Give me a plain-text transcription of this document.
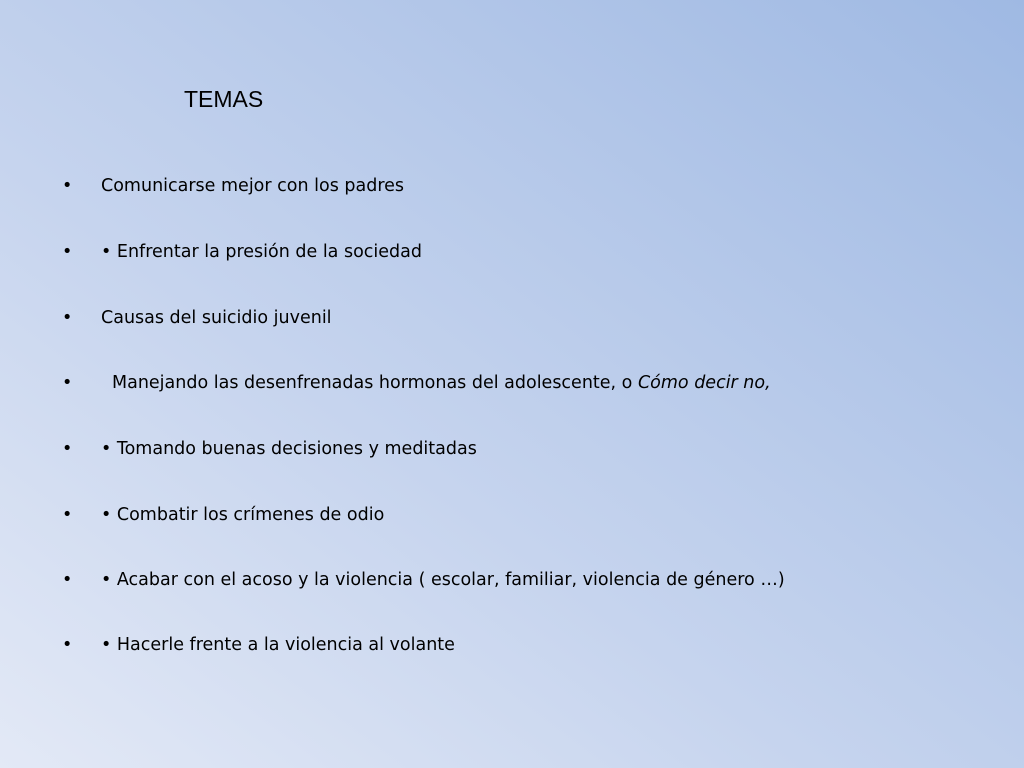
TEMAS
• Comunicarse mejor con los padres
• • Enfrentar la presión de la sociedad
• Causas del suicidio juvenil
• Manejando las desenfrenadas hormonas del adolescente, o Cómo decir no,
• • Tomando buenas decisiones y meditadas
• • Combatir los crímenes de odio
• • Acabar con el acoso y la violencia ( escolar, familiar, violencia de género …)
• • Hacerle frente a la violencia al volante
